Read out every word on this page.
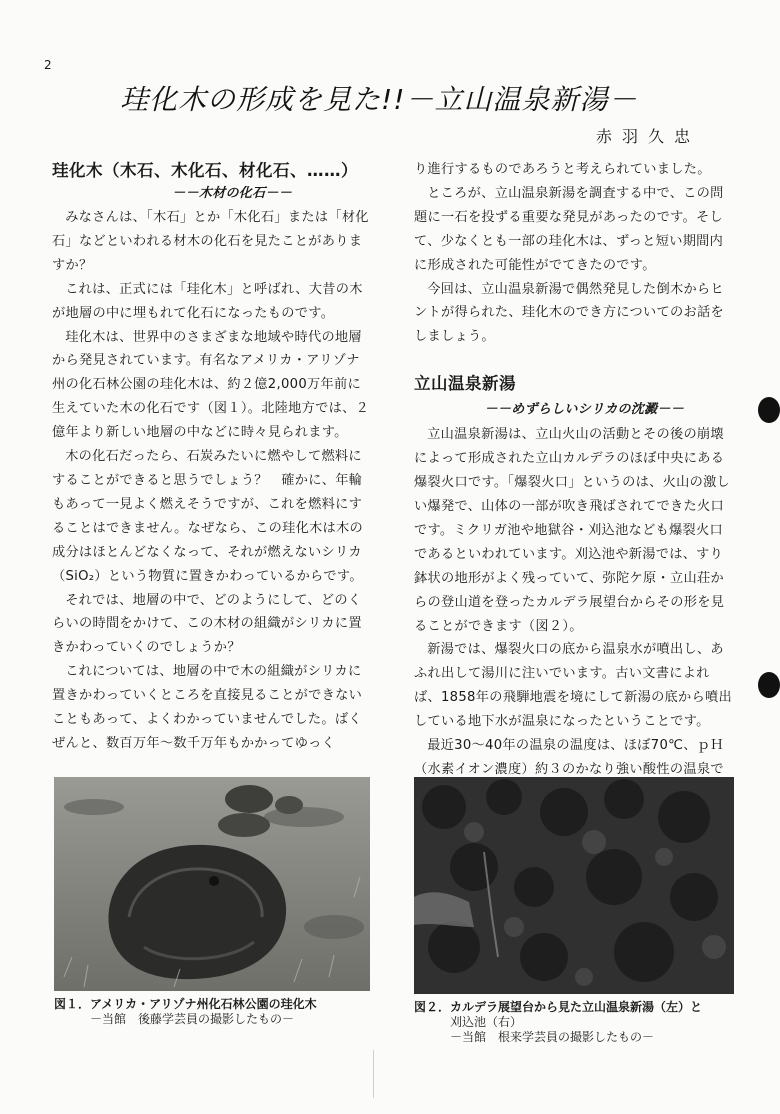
2
珪化木の形成を見た!!－立山温泉新湯－
赤羽久忠
珪化木（木石、木化石、材化石、……）
－－木材の化石－－

みなさんは、「木石」とか「木化石」または「材化石」などといわれる材木の化石を見たことがありますか？

これは、正式には「珪化木」と呼ばれ、大昔の木が地層の中に埋もれて化石になったものです。

珪化木は、世界中のさまざまな地域や時代の地層から発見されています。有名なアメリカ・アリゾナ州の化石林公園の珪化木は、約２億2,000万年前に生えていた木の化石です（図１）。北陸地方では、２億年より新しい地層の中などに時々見られます。

木の化石だったら、石炭みたいに燃やして燃料にすることができると思うでしょう？　確かに、年輪もあって一見よく燃えそうですが、これを燃料にすることはできません。なぜなら、この珪化木は木の成分はほとんどなくなって、それが燃えないシリカ（SiO₂）という物質に置きかわっているからです。

それでは、地層の中で、どのようにして、どのくらいの時間をかけて、この木材の組織がシリカに置きかわっていくのでしょうか？

これについては、地層の中で木の組織がシリカに置きかわっていくところを直接見ることができないこともあって、よくわかっていませんでした。ばくぜんと、数百万年～数千万年もかかってゆっく

り進行するものであろうと考えられていました。

ところが、立山温泉新湯を調査する中で、この問題に一石を投ずる重要な発見があったのです。そして、少なくとも一部の珪化木は、ずっと短い期間内に形成された可能性がでてきたのです。

今回は、立山温泉新湯で偶然発見した倒木からヒントが得られた、珪化木のでき方についてのお話をしましょう。

立山温泉新湯
－－めずらしいシリカの沈澱－－

立山温泉新湯は、立山火山の活動とその後の崩壊によって形成された立山カルデラのほぼ中央にある爆裂火口です。「爆裂火口」というのは、火山の激しい爆発で、山体の一部が吹き飛ばされてできた火口です。ミクリガ池や地獄谷・刈込池なども爆裂火口であるといわれています。刈込池や新湯では、すり鉢状の地形がよく残っていて、弥陀ケ原・立山荘からの登山道を登ったカルデラ展望台からその形を見ることができます（図２）。

新湯では、爆裂火口の底から温泉水が噴出し、あふれ出して湯川に注いでいます。古い文書によれば、1858年の飛騨地震を境にして新湯の底から噴出している地下水が温泉になったということです。

最近30～40年の温泉の温度は、ほぼ70℃、ｐＨ（水素イオン濃度）約３のかなり強い酸性の温泉で

図１．アメリカ・アリゾナ州化石林公園の珪化木
－当館　後藤学芸員の撮影したもの－
図２．カルデラ展望台から見た立山温泉新湯（左）と
刈込池（右）
－当館　根来学芸員の撮影したもの－
